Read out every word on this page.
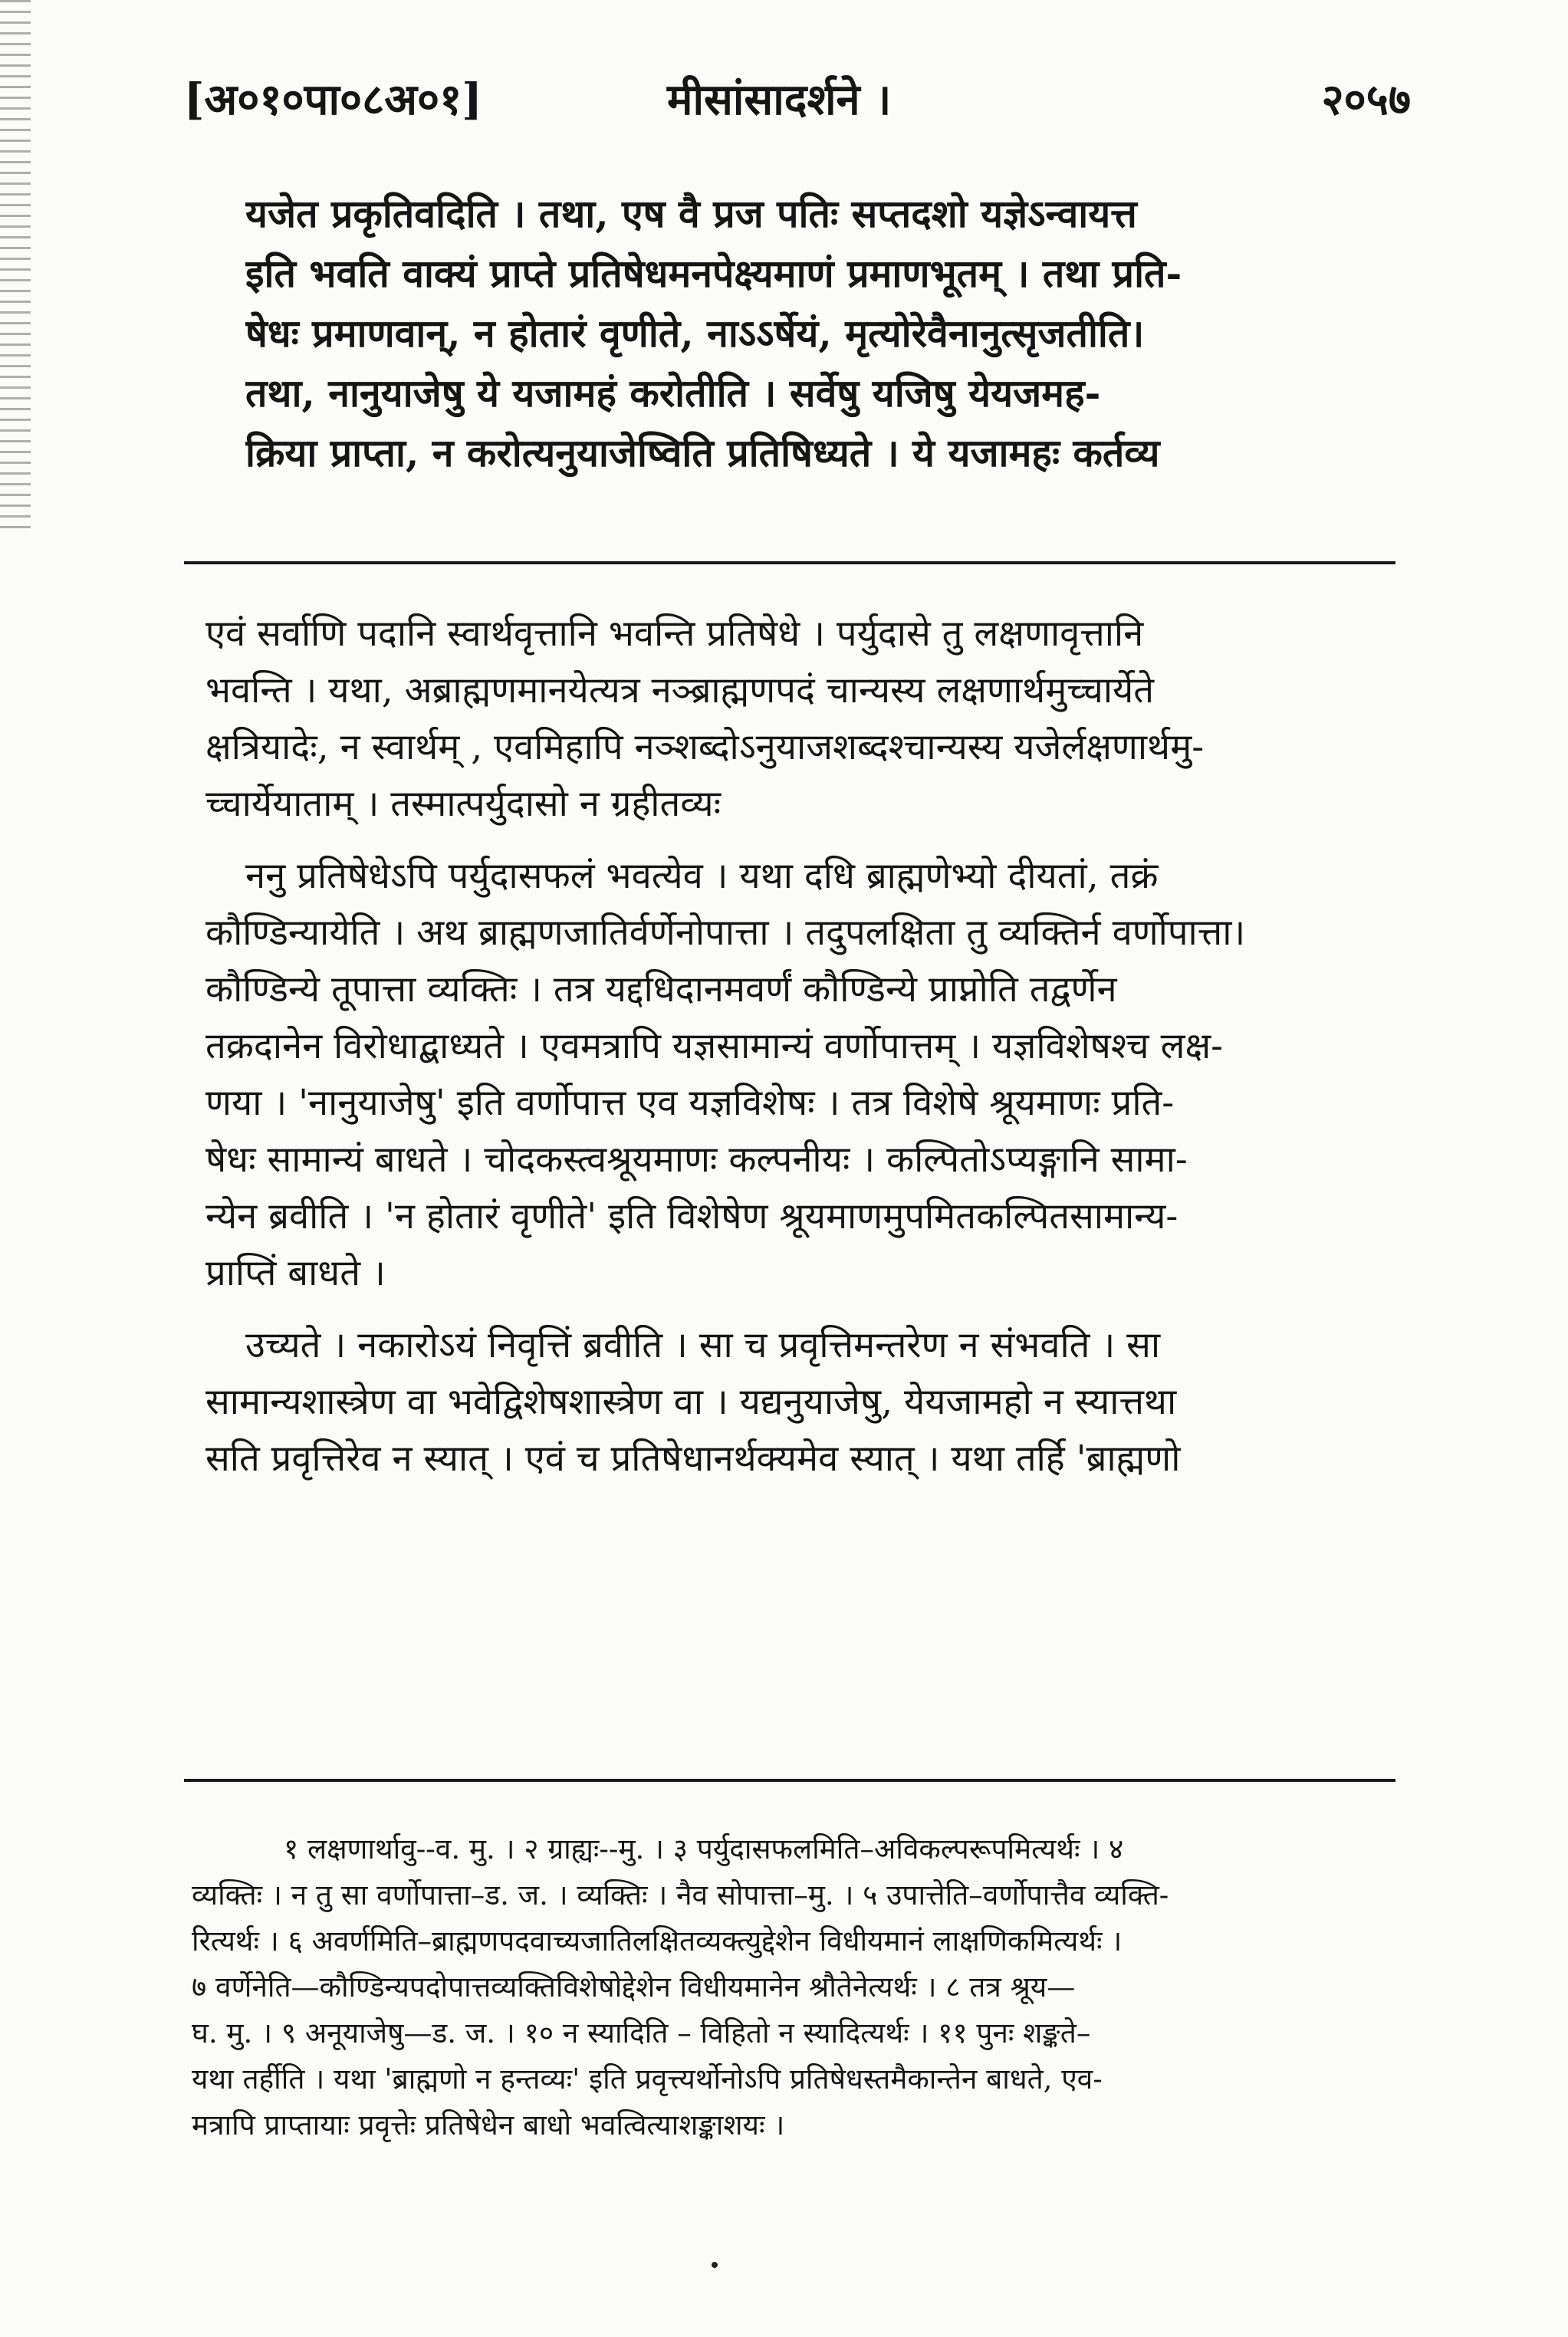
[अ०१०पा०८अ०१]	मीसांसादर्शने ।	२०५७
यजेत प्रकृतिवदिति । तथा, एष वै प्रज पतिः सप्तदशो यज्ञेऽन्वायत्त
इति भवति वाक्यं प्राप्ते प्रतिषेधमनपेक्ष्यमाणं प्रमाणभूतम् । तथा प्रति-
षेधः प्रमाणवान्, न होतारं वृणीते, नाऽऽर्षेयं, मृत्योरेवैनानुत्सृजतीति।
तथा, नानुयाजेषु ये यजामहं करोतीति । सर्वेषु यजिषु येयजमह-
क्रिया प्राप्ता, न करोत्यनुयाजेष्विति प्रतिषिध्यते । ये यजामहः कर्तव्य
एवं सर्वाणि पदानि स्वार्थवृत्तानि भवन्ति प्रतिषेधे । पर्युदासे तु लक्षणावृत्तानि
भवन्ति । यथा, अब्राह्मणमानयेत्यत्र नञ्ब्राह्मणपदं चान्यस्य लक्षणार्थमुच्चार्येते
क्षत्रियादेः, न स्वार्थम् , एवमिहापि नञ्शब्दोऽनुयाजशब्दश्चान्यस्य यजेर्लक्षणार्थमु-
च्चार्येयाताम् । तस्मात्पर्युदासो न ग्रहीतव्यः
ननु प्रतिषेधेऽपि पर्युदासफलं भवत्येव । यथा दधि ब्राह्मणेभ्यो दीयतां, तक्रं
कौण्डिन्यायेति । अथ ब्राह्मणजातिर्वर्णेनोपात्ता । तदुपलक्षिता तु व्यक्तिर्न वर्णोपात्ता।
कौण्डिन्ये तूपात्ता व्यक्तिः । तत्र यद्दधिदानमवर्णं कौण्डिन्ये प्राप्नोति तद्वर्णेन
तक्रदानेन विरोधाद्बाध्यते । एवमत्रापि यज्ञसामान्यं वर्णोपात्तम् । यज्ञविशेषश्च लक्ष-
णया । 'नानुयाजेषु' इति वर्णोपात्त एव यज्ञविशेषः । तत्र विशेषे श्रूयमाणः प्रति-
षेधः सामान्यं बाधते । चोदकस्त्वश्रूयमाणः कल्पनीयः । कल्पितोऽप्यङ्गानि सामा-
न्येन ब्रवीति । 'न होतारं वृणीते' इति विशेषेण श्रूयमाणमुपमितकल्पितसामान्य-
प्राप्तिं बाधते ।
उच्यते । नकारोऽयं निवृत्तिं ब्रवीति । सा च प्रवृत्तिमन्तरेण न संभवति । सा
सामान्यशास्त्रेण वा भवेद्विशेषशास्त्रेण वा । यद्यनुयाजेषु, येयजामहो न स्यात्तथा
सति प्रवृत्तिरेव न स्यात् । एवं च प्रतिषेधानर्थक्यमेव स्यात् । यथा तर्हि 'ब्राह्मणो
१ लक्षणार्थावु--व. मु. । २ ग्राह्यः--मु. । ३ पर्युदासफलमिति–अविकल्परूपमित्यर्थः । ४
व्यक्तिः । न तु सा वर्णोपात्ता–ड. ज. । व्यक्तिः । नैव सोपात्ता–मु. । ५ उपात्तेति–वर्णोपात्तैव व्यक्ति-
रित्यर्थः । ६ अवर्णमिति–ब्राह्मणपदवाच्यजातिलक्षितव्यक्त्युद्देशेन विधीयमानं लाक्षणिकमित्यर्थः ।
७ वर्णेनेति—कौण्डिन्यपदोपात्तव्यक्तिविशेषोद्देशेन विधीयमानेन श्रौतेनेत्यर्थः । ८ तत्र श्रूय—
घ. मु. । ९ अनूयाजेषु—ड. ज. । १० न स्यादिति – विहितो न स्यादित्यर्थः । ११ पुनः शङ्कते–
यथा तर्हीति । यथा 'ब्राह्मणो न हन्तव्यः' इति प्रवृत्त्यर्थोनोऽपि प्रतिषेधस्तमैकान्तेन बाधते, एव-
मत्रापि प्राप्तायाः प्रवृत्तेः प्रतिषेधेन बाधो भवत्वित्याशङ्काशयः ।
